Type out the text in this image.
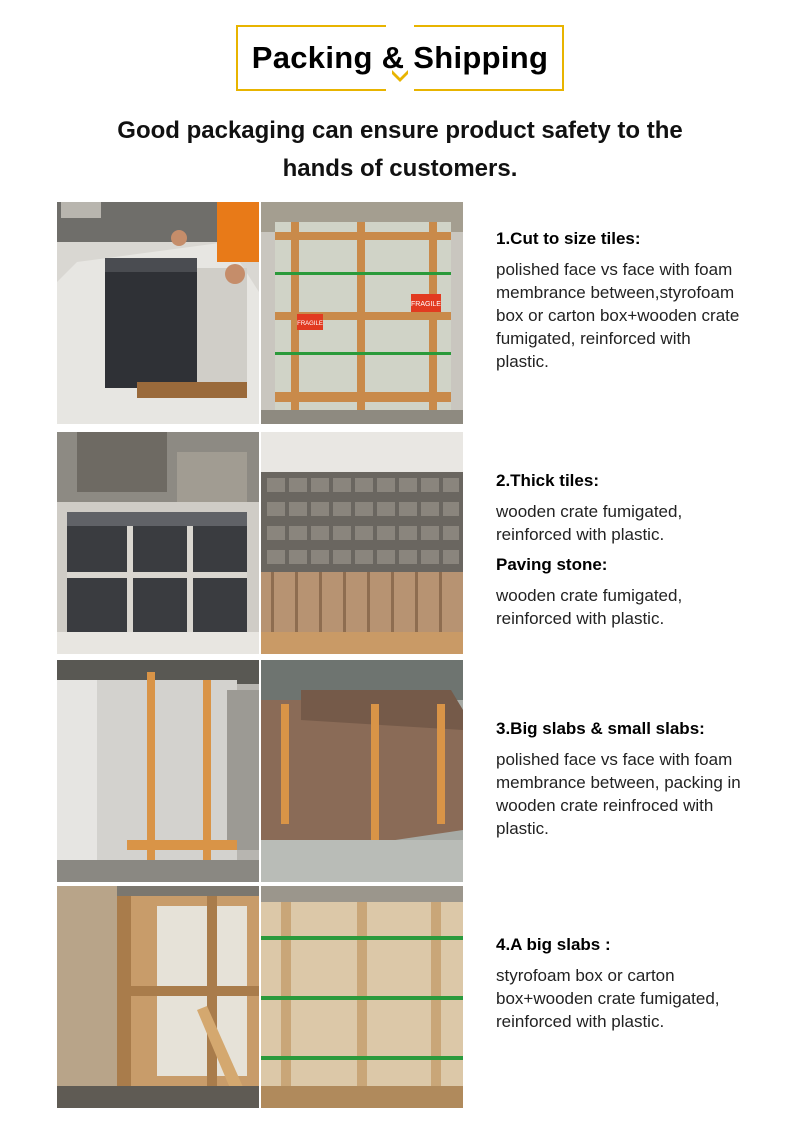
Packing & Shipping
Good packaging can ensure product safety to the
hands of customers.
FRAGILE
FRAGILE
1.Cut to size tiles:
polished face vs face with foam membrance between,styrofoam box or carton box+wooden crate fumigated, reinforced with plastic.
2.Thick tiles:
wooden crate fumigated, reinforced with plastic.
Paving stone:
wooden crate fumigated, reinforced with plastic.
3.Big slabs & small slabs:
polished face vs face with foam membrance between, packing in wooden crate reinfroced with plastic.
4.A big slabs :
styrofoam box or carton box+wooden crate fumigated, reinforced with plastic.
